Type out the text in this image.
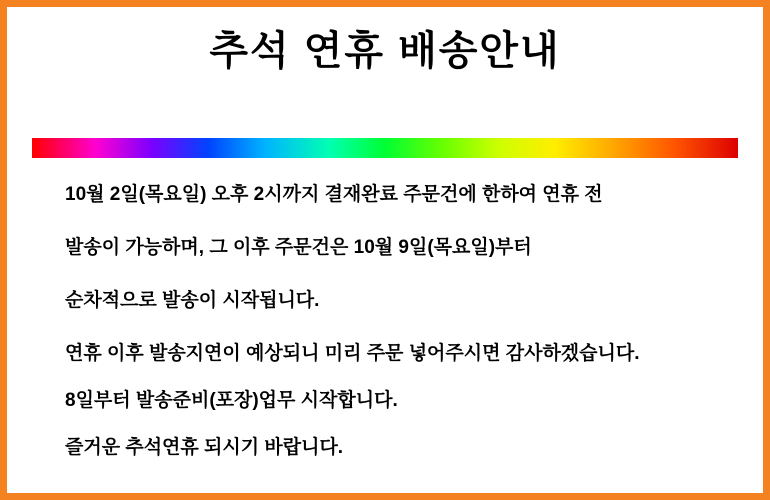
추석 연휴 배송안내
10월 2일(목요일) 오후 2시까지 결재완료 주문건에 한하여 연휴 전
발송이 가능하며, 그 이후 주문건은 10월 9일(목요일)부터
순차적으로 발송이 시작됩니다.
연휴 이후 발송지연이 예상되니 미리 주문 넣어주시면 감사하겠습니다.
8일부터 발송준비(포장)업무 시작합니다.
즐거운 추석연휴 되시기 바랍니다.
